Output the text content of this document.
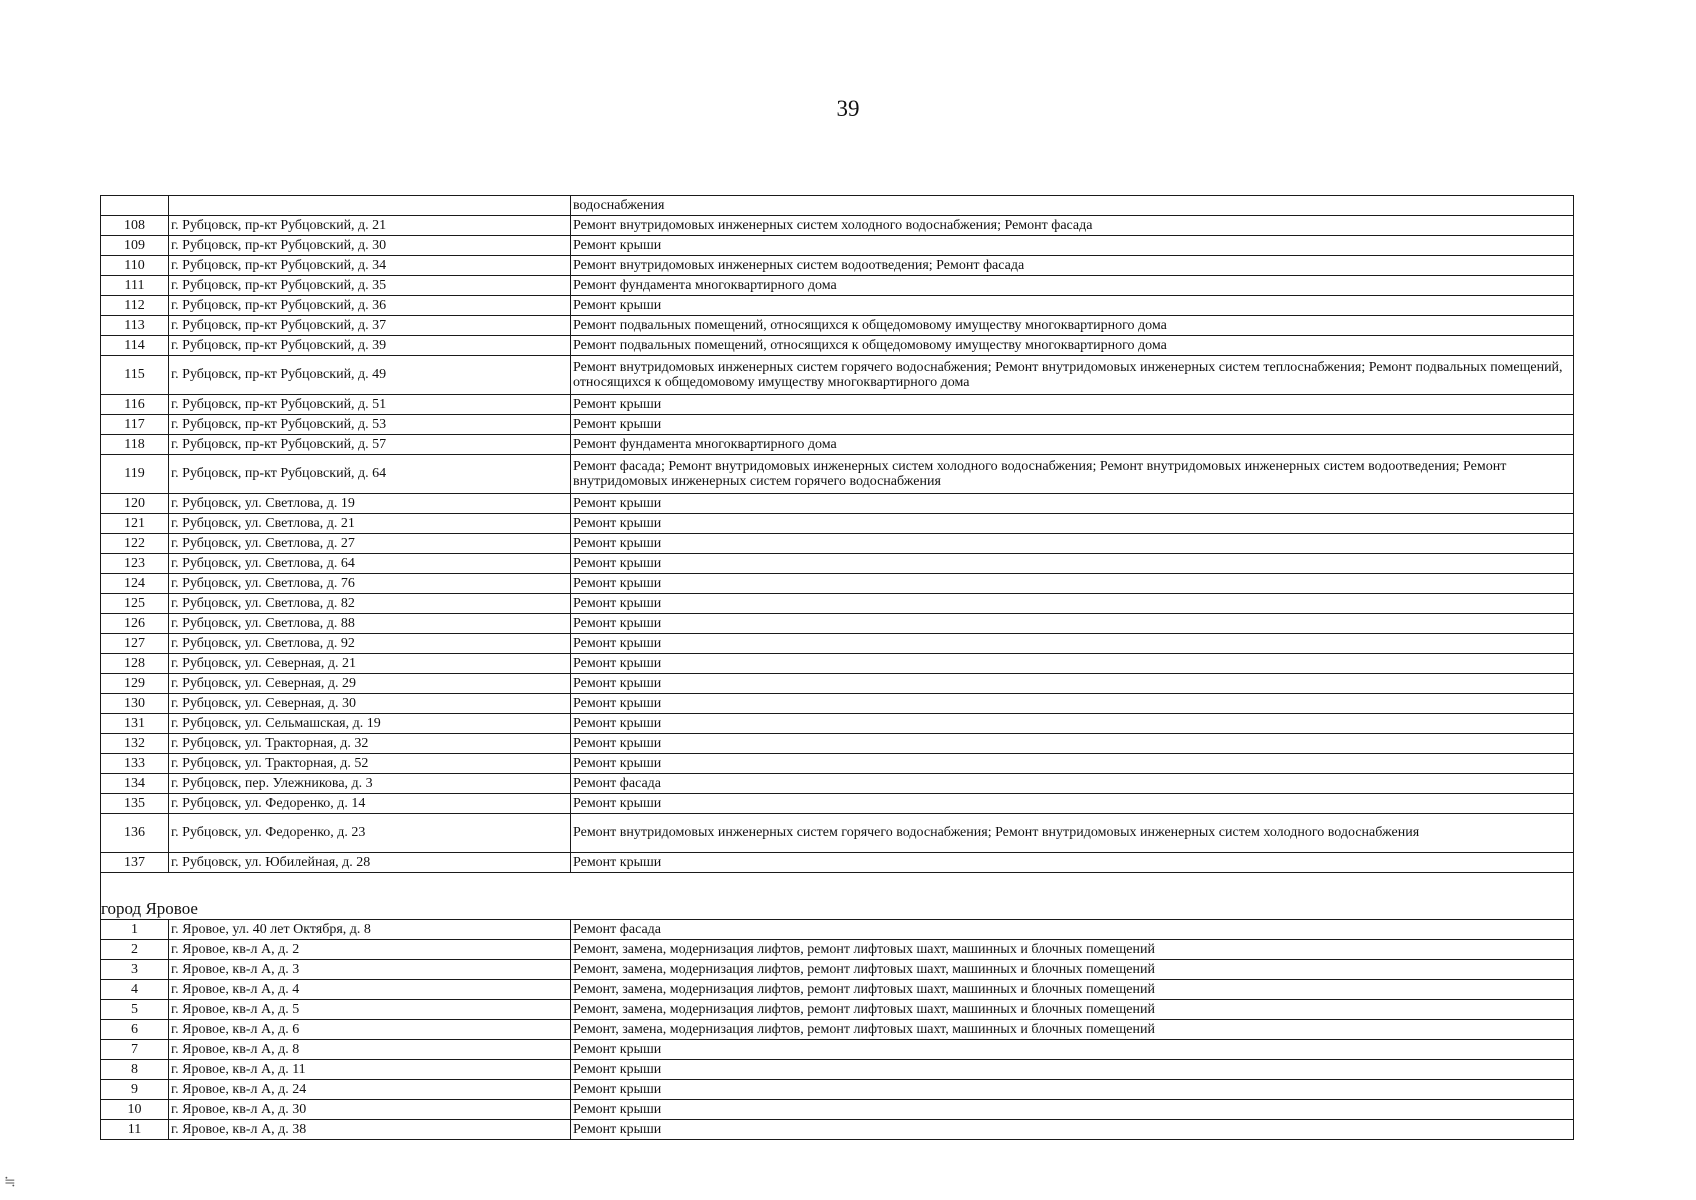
39
		водоснабжения
108	г. Рубцовск, пр-кт Рубцовский, д. 21	Ремонт внутридомовых инженерных систем холодного водоснабжения; Ремонт фасада
109	г. Рубцовск, пр-кт Рубцовский, д. 30	Ремонт крыши
110	г. Рубцовск, пр-кт Рубцовский, д. 34	Ремонт внутридомовых инженерных систем водоотведения; Ремонт фасада
111	г. Рубцовск, пр-кт Рубцовский, д. 35	Ремонт фундамента многоквартирного дома
112	г. Рубцовск, пр-кт Рубцовский, д. 36	Ремонт крыши
113	г. Рубцовск, пр-кт Рубцовский, д. 37	Ремонт подвальных помещений, относящихся к общедомовому имуществу многоквартирного дома
114	г. Рубцовск, пр-кт Рубцовский, д. 39	Ремонт подвальных помещений, относящихся к общедомовому имуществу многоквартирного дома
115	г. Рубцовск, пр-кт Рубцовский, д. 49	Ремонт внутридомовых инженерных систем горячего водоснабжения; Ремонт внутридомовых инженерных систем теплоснабжения; Ремонт подвальных помещений, относящихся к общедомовому имуществу многоквартирного дома
116	г. Рубцовск, пр-кт Рубцовский, д. 51	Ремонт крыши
117	г. Рубцовск, пр-кт Рубцовский, д. 53	Ремонт крыши
118	г. Рубцовск, пр-кт Рубцовский, д. 57	Ремонт фундамента многоквартирного дома
119	г. Рубцовск, пр-кт Рубцовский, д. 64	Ремонт фасада; Ремонт внутридомовых инженерных систем холодного водоснабжения; Ремонт внутридомовых инженерных систем водоотведения; Ремонт внутридомовых инженерных систем горячего водоснабжения
120	г. Рубцовск, ул. Светлова, д. 19	Ремонт крыши
121	г. Рубцовск, ул. Светлова, д. 21	Ремонт крыши
122	г. Рубцовск, ул. Светлова, д. 27	Ремонт крыши
123	г. Рубцовск, ул. Светлова, д. 64	Ремонт крыши
124	г. Рубцовск, ул. Светлова, д. 76	Ремонт крыши
125	г. Рубцовск, ул. Светлова, д. 82	Ремонт крыши
126	г. Рубцовск, ул. Светлова, д. 88	Ремонт крыши
127	г. Рубцовск, ул. Светлова, д. 92	Ремонт крыши
128	г. Рубцовск, ул. Северная, д. 21	Ремонт крыши
129	г. Рубцовск, ул. Северная, д. 29	Ремонт крыши
130	г. Рубцовск, ул. Северная, д. 30	Ремонт крыши
131	г. Рубцовск, ул. Сельмашская, д. 19	Ремонт крыши
132	г. Рубцовск, ул. Тракторная, д. 32	Ремонт крыши
133	г. Рубцовск, ул. Тракторная, д. 52	Ремонт крыши
134	г. Рубцовск, пер. Улежникова, д. 3	Ремонт фасада
135	г. Рубцовск, ул. Федоренко, д. 14	Ремонт крыши
136	г. Рубцовск, ул. Федоренко, д. 23	Ремонт внутридомовых инженерных систем горячего водоснабжения; Ремонт внутридомовых инженерных систем холодного водоснабжения
137	г. Рубцовск, ул. Юбилейная, д. 28	Ремонт крыши
город Яровое		
1	г. Яровое, ул. 40 лет Октября, д. 8	Ремонт фасада
2	г. Яровое, кв-л А, д. 2	Ремонт, замена, модернизация лифтов, ремонт лифтовых шахт, машинных и блочных помещений
3	г. Яровое, кв-л А, д. 3	Ремонт, замена, модернизация лифтов, ремонт лифтовых шахт, машинных и блочных помещений
4	г. Яровое, кв-л А, д. 4	Ремонт, замена, модернизация лифтов, ремонт лифтовых шахт, машинных и блочных помещений
5	г. Яровое, кв-л А, д. 5	Ремонт, замена, модернизация лифтов, ремонт лифтовых шахт, машинных и блочных помещений
6	г. Яровое, кв-л А, д. 6	Ремонт, замена, модернизация лифтов, ремонт лифтовых шахт, машинных и блочных помещений
7	г. Яровое, кв-л А, д. 8	Ремонт крыши
8	г. Яровое, кв-л А, д. 11	Ремонт крыши
9	г. Яровое, кв-л А, д. 24	Ремонт крыши
10	г. Яровое, кв-л А, д. 30	Ремонт крыши
11	г. Яровое, кв-л А, д. 38	Ремонт крыши
≒
